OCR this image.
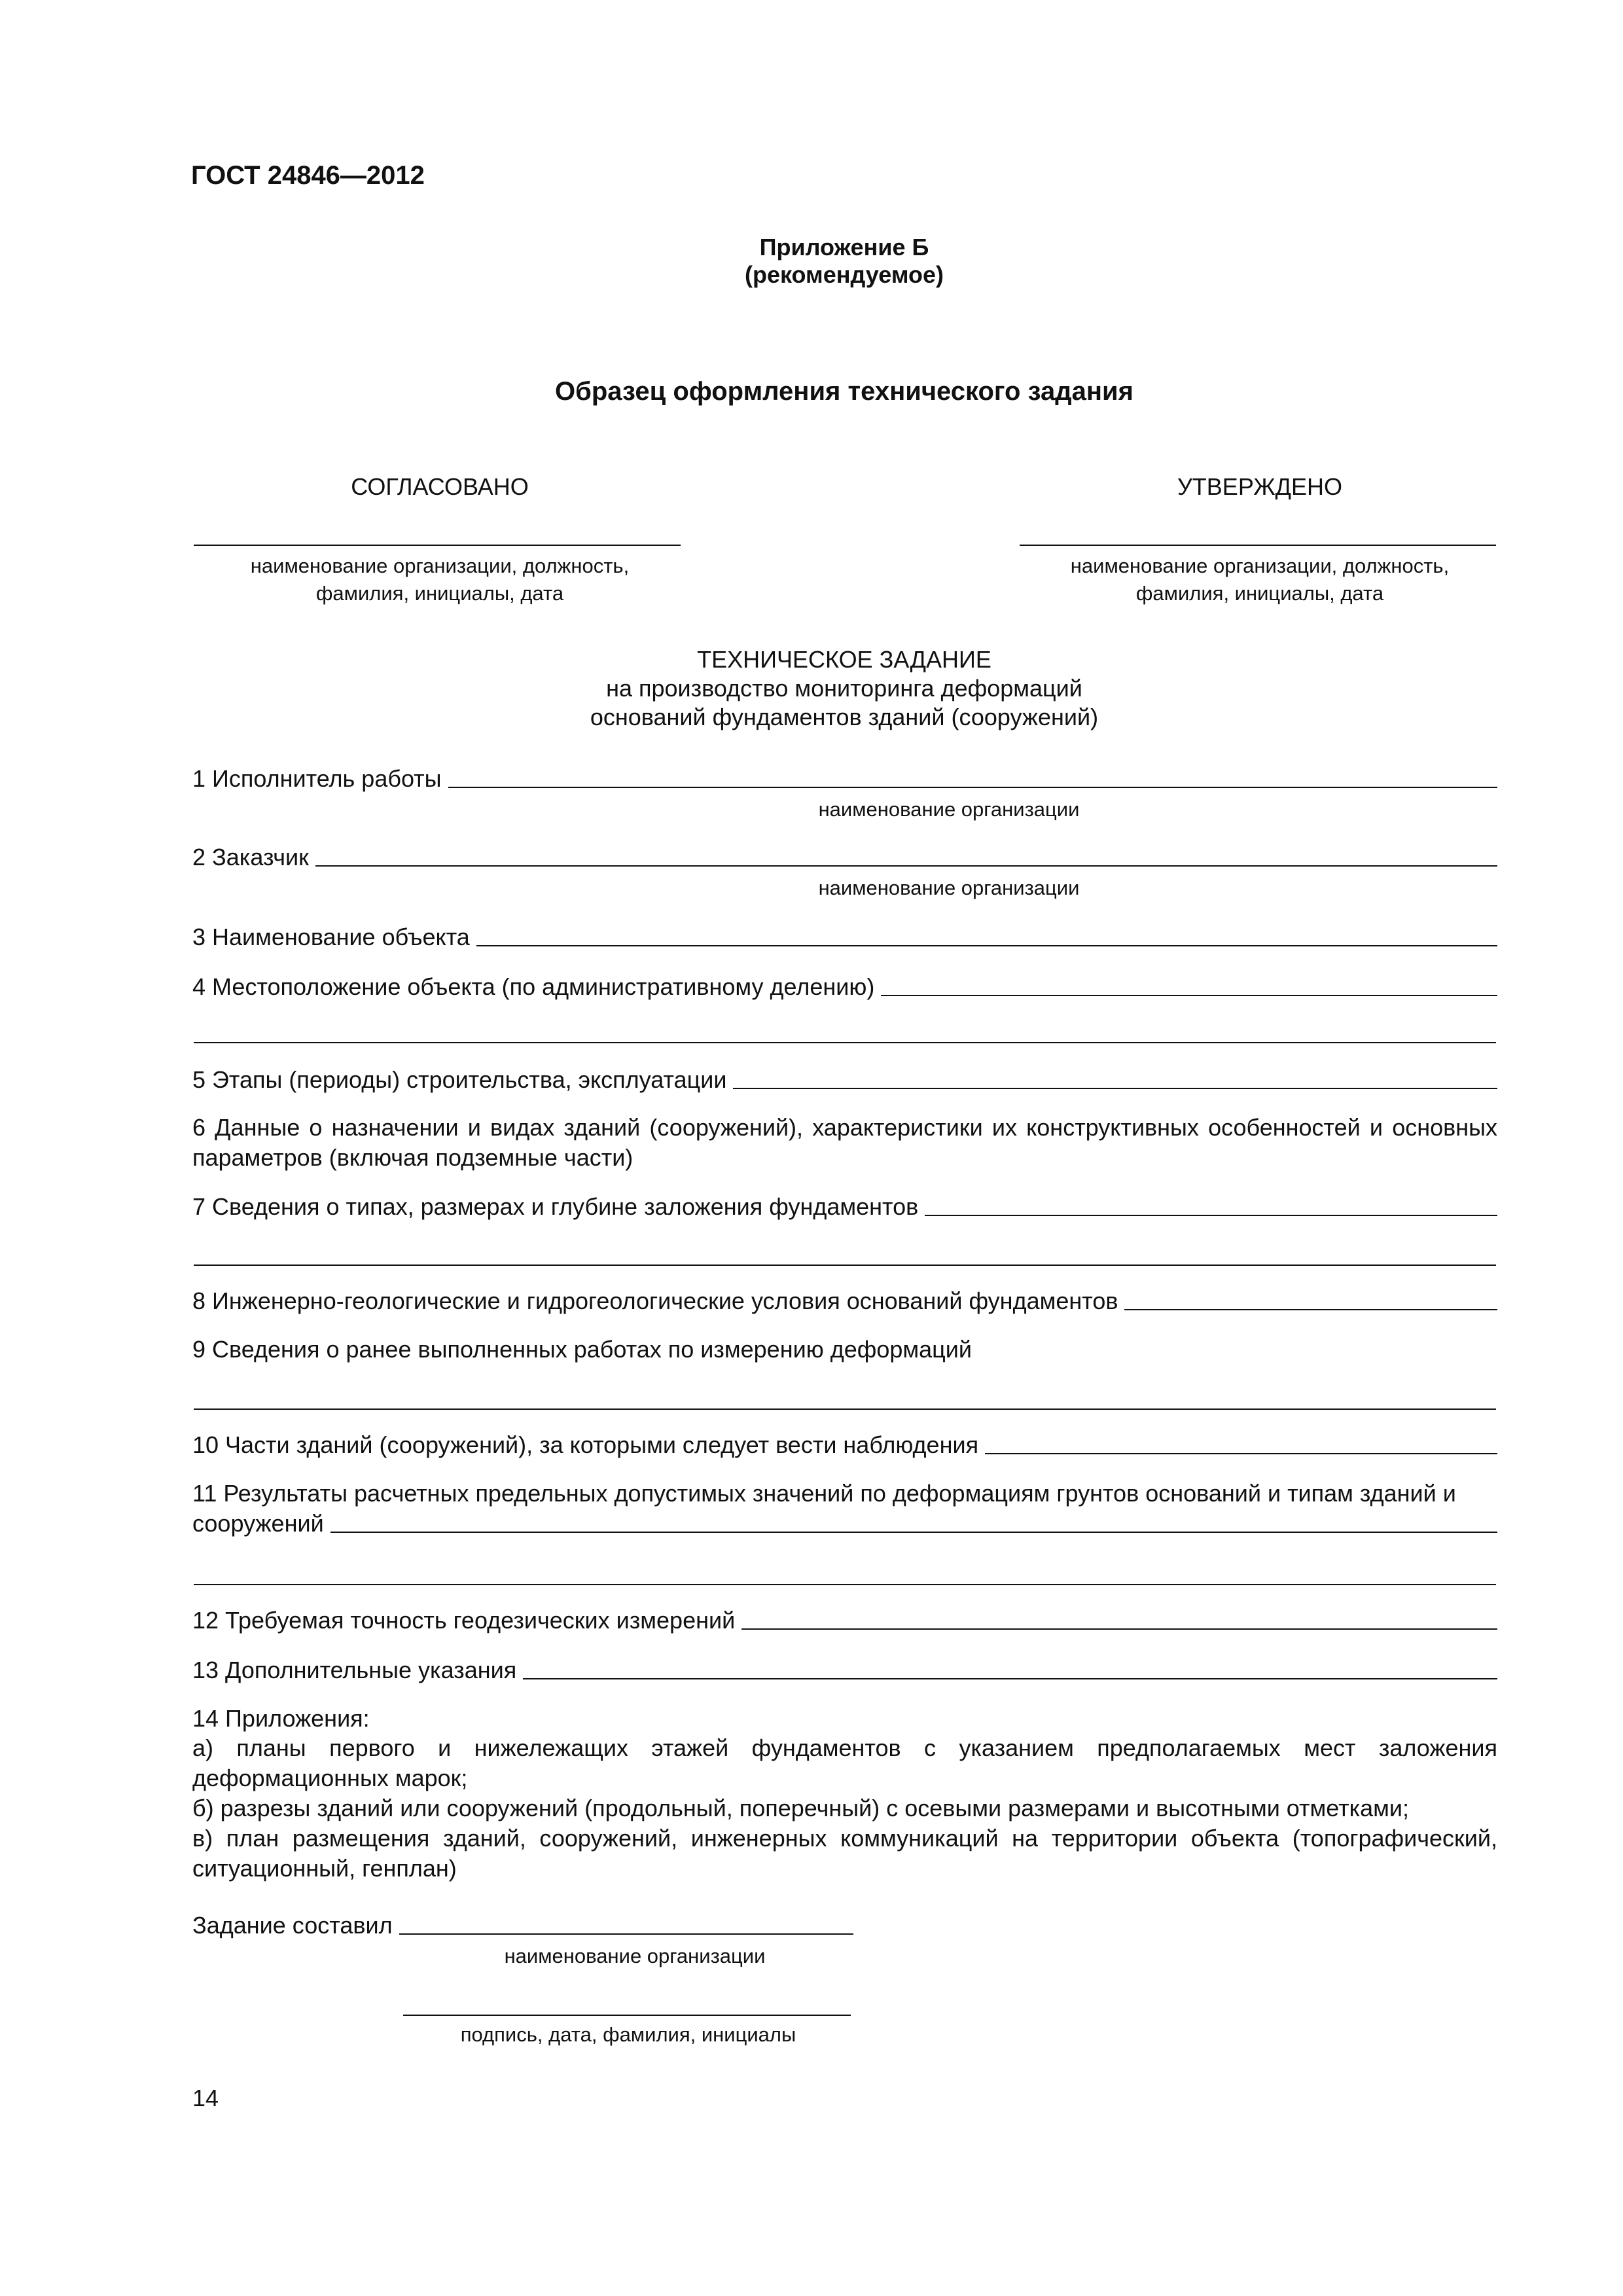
ГОСТ 24846—2012
Приложение Б
(рекомендуемое)
Образец оформления технического задания
СОГЛАСОВАНО
наименование организации, должность,
фамилия, инициалы, дата
УТВЕРЖДЕНО
наименование организации, должность,
фамилия, инициалы, дата
ТЕХНИЧЕСКОЕ ЗАДАНИЕ
на производство мониторинга деформаций
оснований фундаментов зданий (сооружений)
1 Исполнитель работы
наименование организации
2 Заказчик
наименование организации
3 Наименование объекта
4 Местоположение объекта (по административному делению)
5 Этапы (периоды) строительства, эксплуатации
6 Данные о назначении и видах зданий (сооружений), характеристики их конструктивных особенностей и основных параметров (включая подземные части)
7 Сведения о типах, размерах и глубине заложения фундаментов
8 Инженерно-геологические и гидрогеологические условия оснований фундаментов
9 Сведения о ранее выполненных работах по измерению деформаций
10 Части зданий (сооружений), за которыми следует вести наблюдения
11 Результаты расчетных предельных допустимых значений по деформациям грунтов оснований и типам зданий и
сооружений
12 Требуемая точность геодезических измерений
13 Дополнительные указания
14 Приложения:
а) планы первого и нижележащих этажей фундаментов с указанием предполагаемых мест заложения деформационных марок;
б) разрезы зданий или сооружений (продольный, поперечный) с осевыми размерами и высотными отметками;
в) план размещения зданий, сооружений, инженерных коммуникаций на территории объекта (топографический, ситуационный, генплан)
Задание составил
наименование организации
подпись, дата, фамилия, инициалы
14
